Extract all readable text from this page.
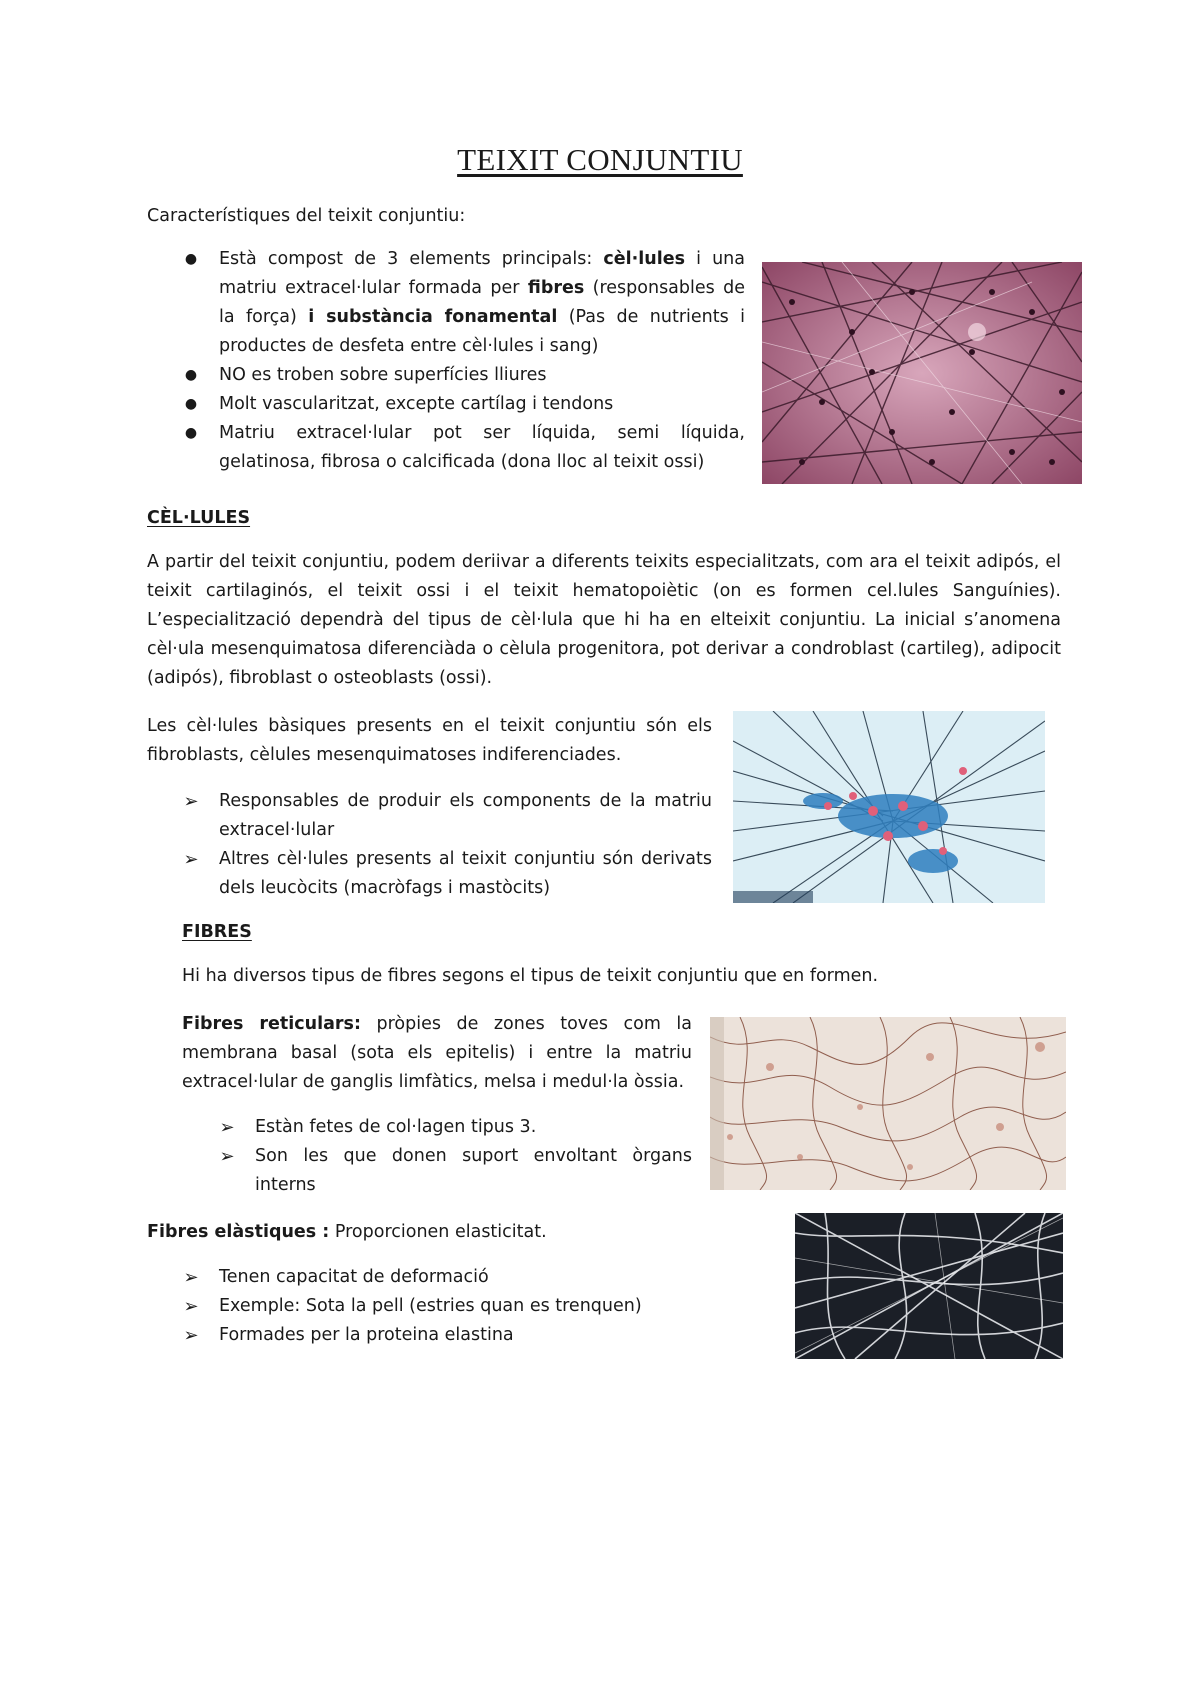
TEIXIT CONJUNTIU

Característiques del teixit conjuntiu:

● Està compost de 3 elements principals: cèl·lules i una matriu extracel·lular formada per fibres (responsables de la força) i substància fonamental (Pas de nutrients i productes de desfeta entre cèl·lules i sang)
● NO es troben sobre superfícies lliures
● Molt vascularitzat, excepte cartílag i tendons
● Matriu extracel·lular pot ser líquida, semi líquida, gelatinosa, fibrosa o calcificada (dona lloc al teixit ossi)

CÈL·LULES

A partir del teixit conjuntiu, podem deriivar a diferents teixits especialitzats, com ara el teixit adipós, el teixit cartilaginós, el teixit ossi i el teixit hematopoiètic (on es formen cel.lules Sanguínies). L’especialització dependrà del tipus de cèl·lula que hi ha en elteixit conjuntiu. La inicial s’anomena cèl·ula mesenquimatosa diferenciàda o cèlula progenitora, pot derivar a condroblast (cartileg), adipocit (adipós), fibroblast o osteoblasts (ossi).

Les cèl·lules bàsiques presents en el teixit conjuntiu són els fibroblasts, cèlules mesenquimatoses indiferenciades.

➢ Responsables de produir els components de la matriu extracel·lular
➢ Altres cèl·lules presents al teixit conjuntiu són derivats dels leucòcits (macròfags i mastòcits)

FIBRES

Hi ha diversos tipus de fibres segons el tipus de teixit conjuntiu que en formen.

Fibres reticulars: pròpies de zones toves com la membrana basal (sota els epitelis) i entre la matriu extracel·lular de ganglis limfàtics, melsa i medul·la òssia.

➢ Estàn fetes de col·lagen tipus 3.
➢ Son les que donen suport envoltant òrgans interns

Fibres elàstiques : Proporcionen elasticitat.

➢ Tenen capacitat de deformació
➢ Exemple: Sota la pell (estries quan es trenquen)
➢ Formades per la proteina elastina
